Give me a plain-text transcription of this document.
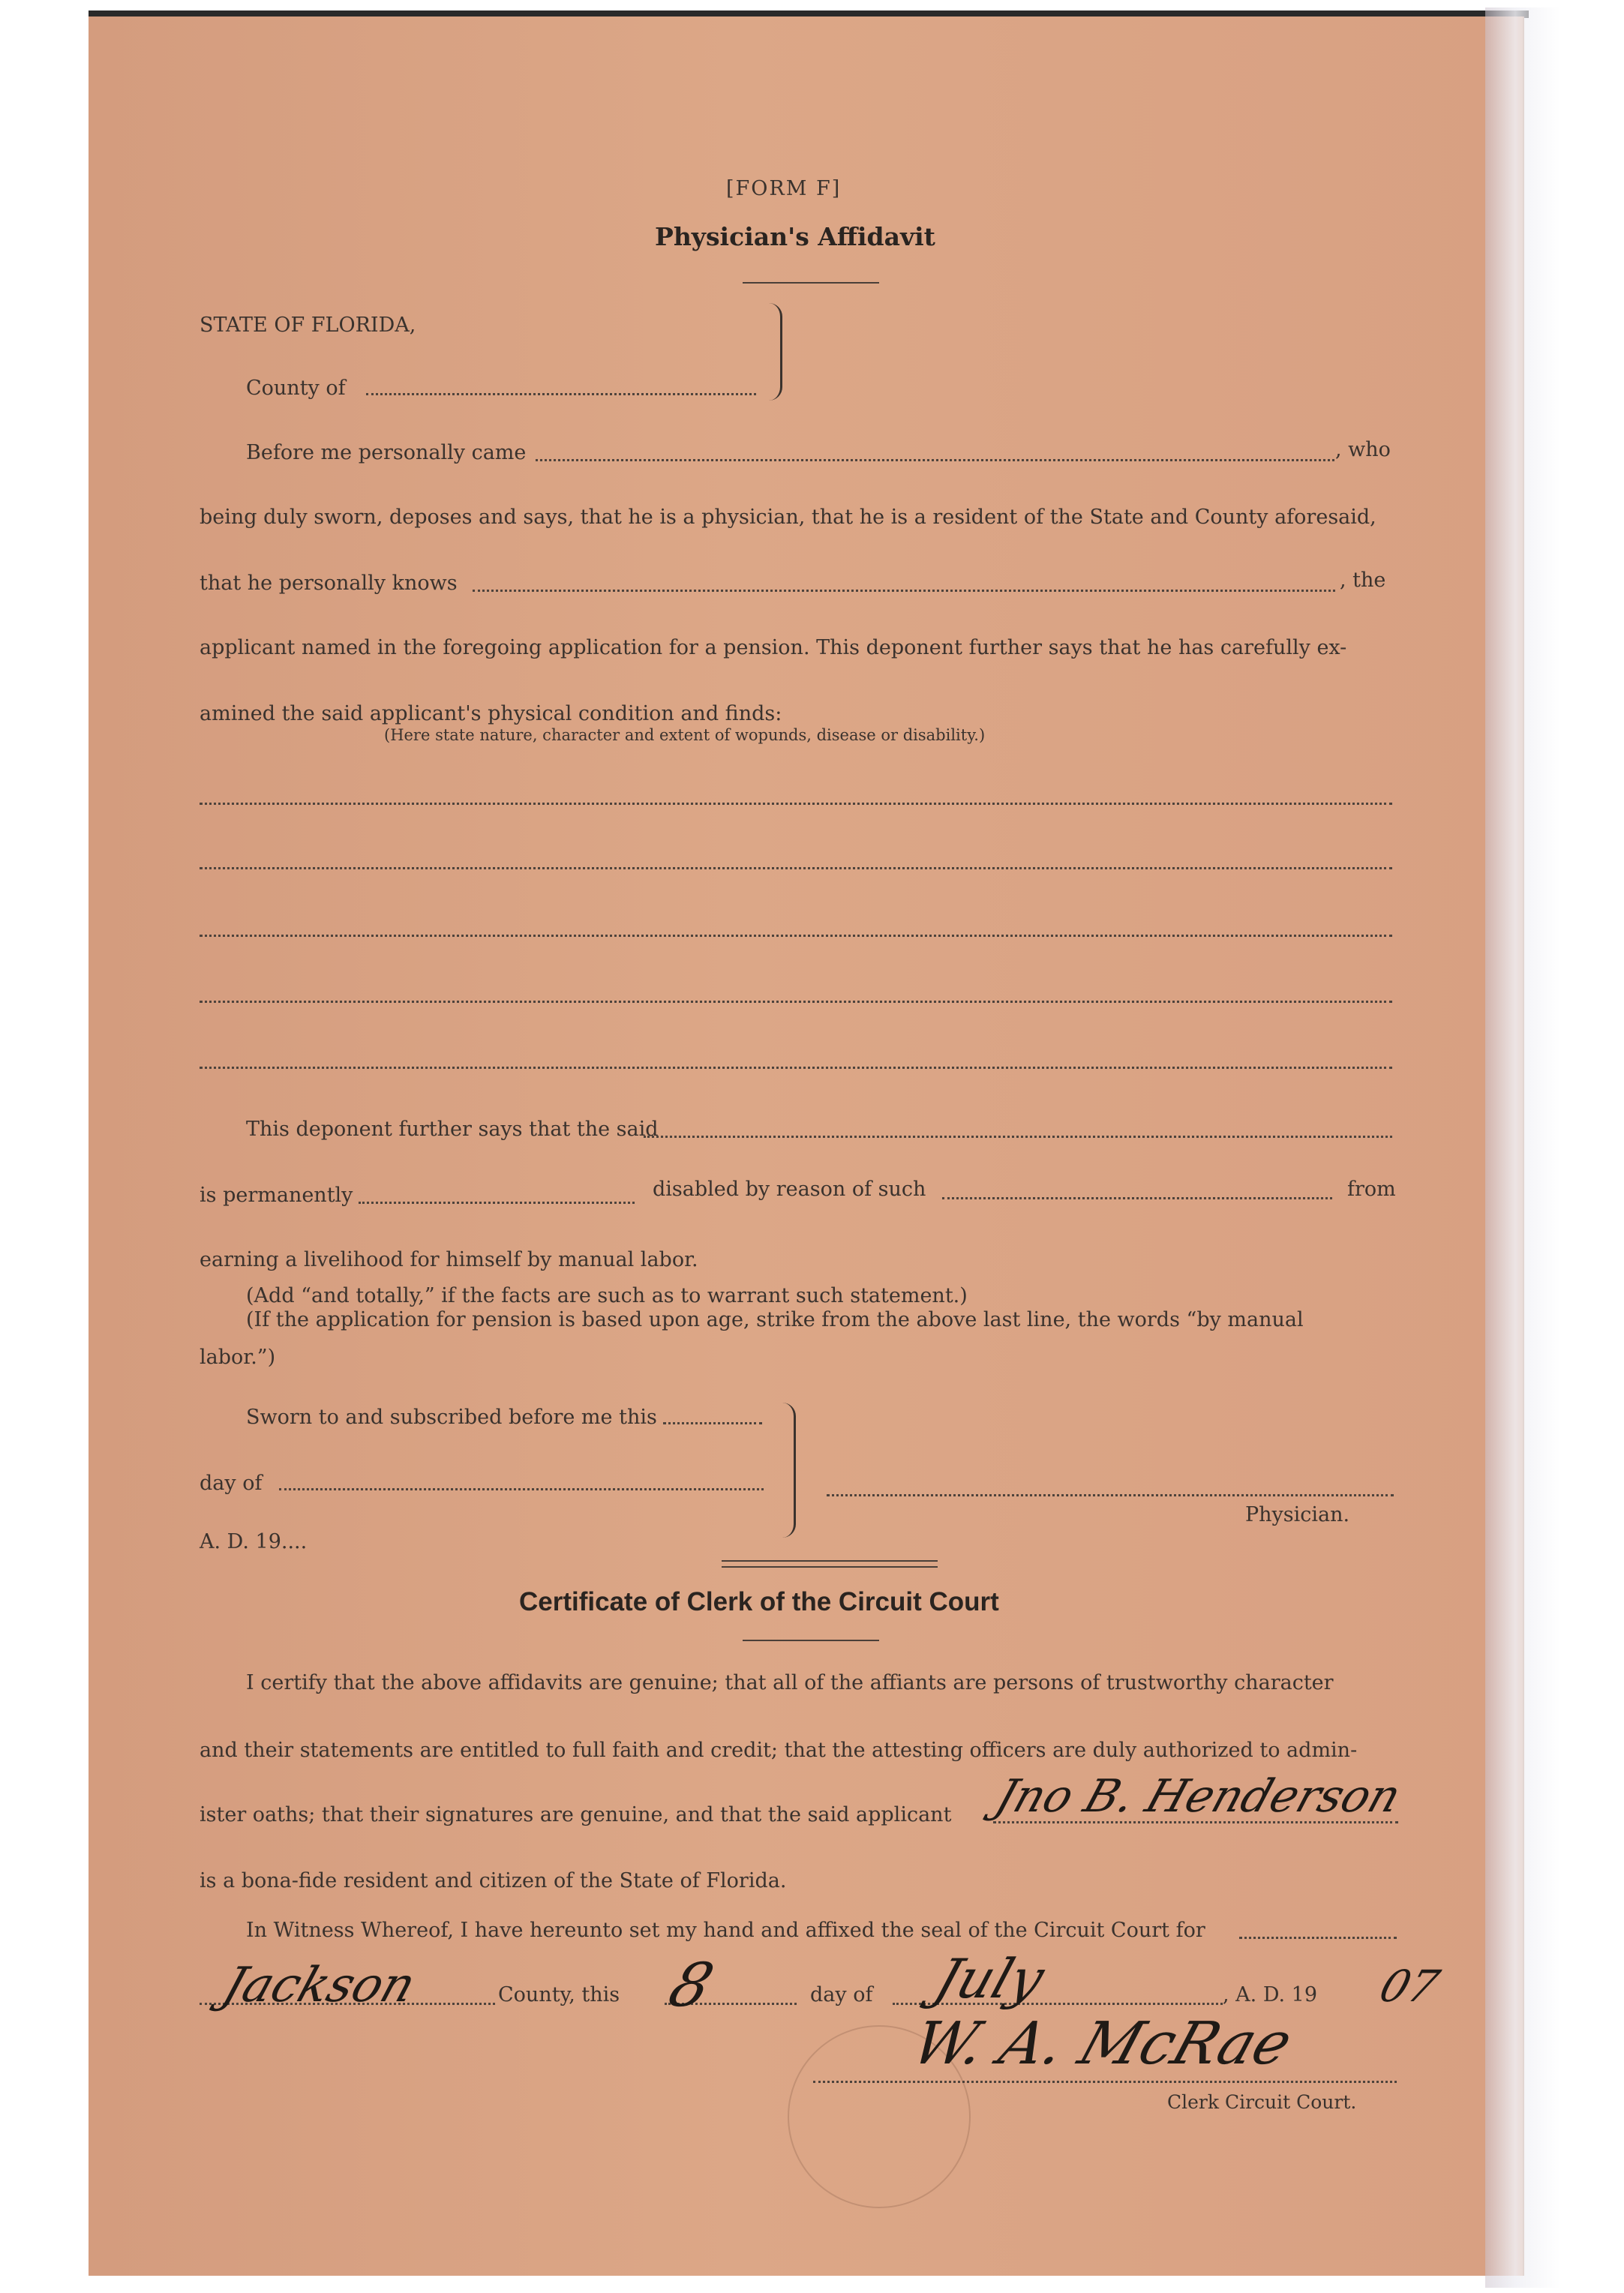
[FORM F]
Physician's Affidavit
STATE OF FLORIDA,
County of
Before me personally came	, who
being duly sworn, deposes and says, that he is a physician, that he is a resident of the State and County aforesaid,
that he personally knows	, the
applicant named in the foregoing application for a pension. This deponent further says that he has carefully ex-
amined the said applicant's physical condition and finds:
(Here state nature, character and extent of wopunds, disease or disability.)
This deponent further says that the said
is permanently	disabled by reason of such	from
earning a livelihood for himself by manual labor.
(Add “and totally,” if the facts are such as to warrant such statement.)
(If the application for pension is based upon age, strike from the above last line, the words “by manual
labor.”)
Sworn to and subscribed before me this
day of
A. D. 19....
Physician.
Certificate of Clerk of the Circuit Court
I certify that the above affidavits are genuine; that all of the affiants are persons of trustworthy character
and their statements are entitled to full faith and credit; that the attesting officers are duly authorized to admin-
ister oaths; that their signatures are genuine, and that the said applicant Jno B. Henderson
is a bona-fide resident and citizen of the State of Florida.
In Witness Whereof, I have hereunto set my hand and affixed the seal of the Circuit Court for
Jackson	County, this 8	day of July	, A. D. 19 07
W. A. McRae
Clerk Circuit Court.
